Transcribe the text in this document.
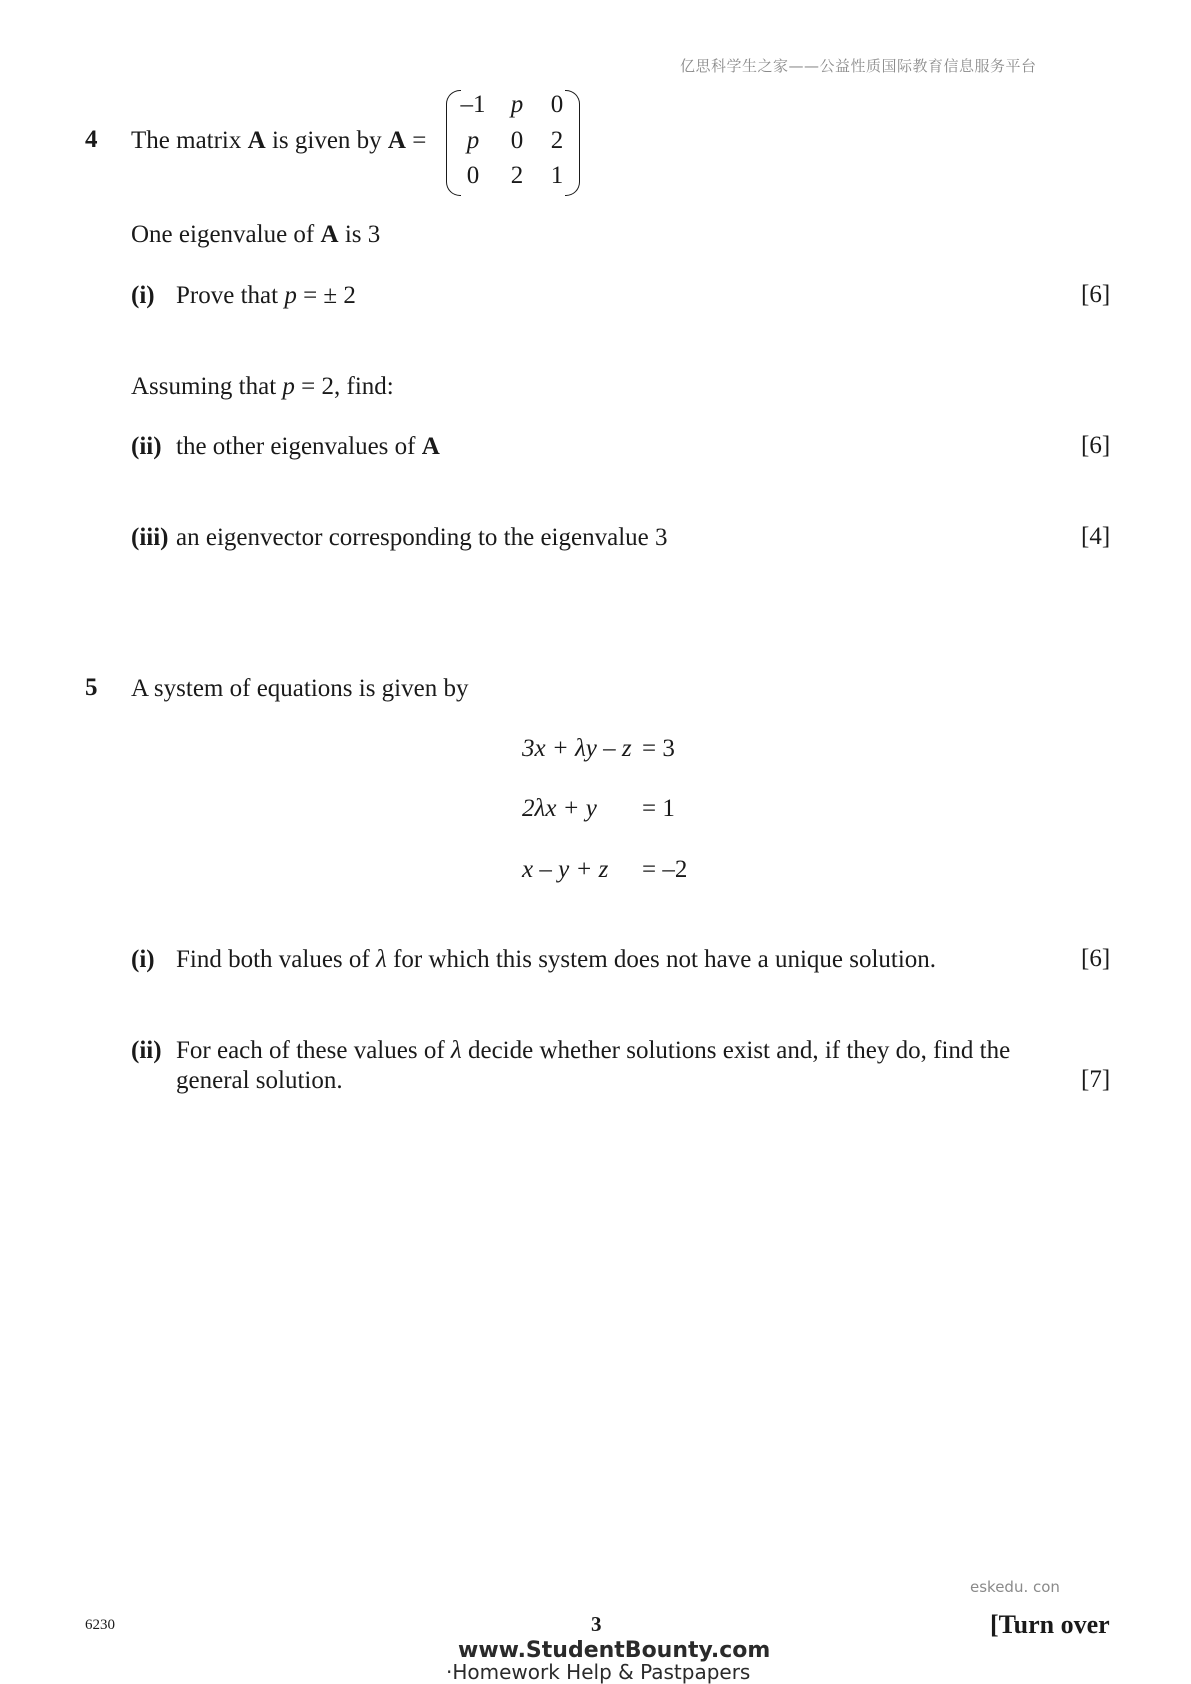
亿思科学生之家——公益性质国际教育信息服务平台
4 The matrix A is given by A =
–1	p	0
p	0	2
0	2	1
One eigenvalue of A is 3
(i) Prove that p = ± 2	[6]
Assuming that p = 2, find:
(ii) the other eigenvalues of A	[6]
(iii) an eigenvector corresponding to the eigenvalue 3	[4]
5 A system of equations is given by
3x + λy – z = 3
2λx + y = 1
x – y + z = –2
(i) Find both values of λ for which this system does not have a unique solution.	[6]
(ii) For each of these values of λ decide whether solutions exist and, if they do, find the
general solution.	[7]
eskedu. con
6230	3	[Turn over
www.StudentBounty.com
·Homework Help & Pastpapers
